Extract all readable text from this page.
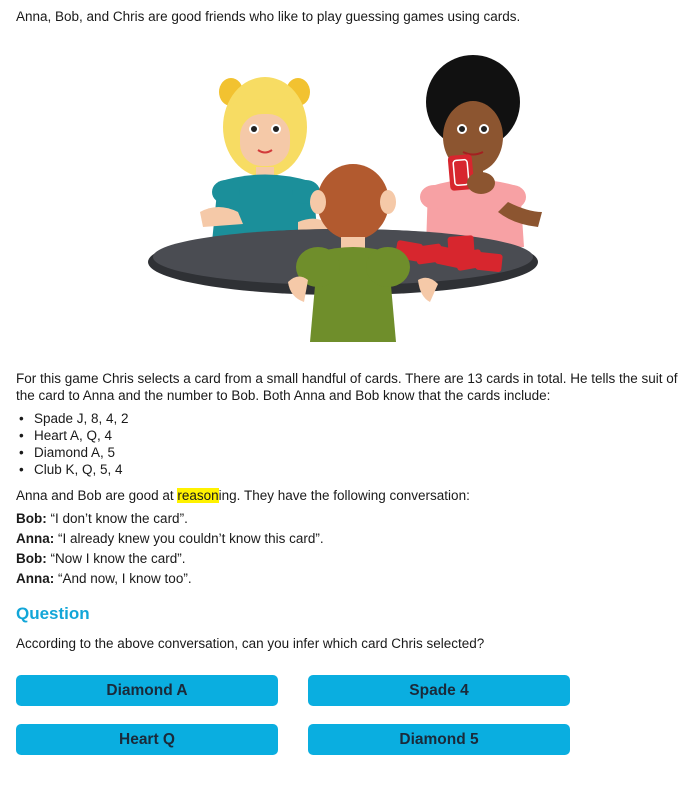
Anna, Bob, and Chris are good friends who like to play guessing games using cards.

For this game Chris selects a card from a small handful of cards. There are 13 cards in total. He tells the suit of the card to Anna and the number to Bob. Both Anna and Bob know that the cards include:

• Spade J, 8, 4, 2
• Heart A, Q, 4
• Diamond A, 5
• Club K, Q, 5, 4

Anna and Bob are good at reasoning. They have the following conversation:

Bob: “I don’t know the card”.

Anna: “I already knew you couldn’t know this card”.

Bob: “Now I know the card”.

Anna: “And now, I know too”.

Question

According to the above conversation, can you infer which card Chris selected?

Diamond A	Spade 4
Heart Q	Diamond 5
